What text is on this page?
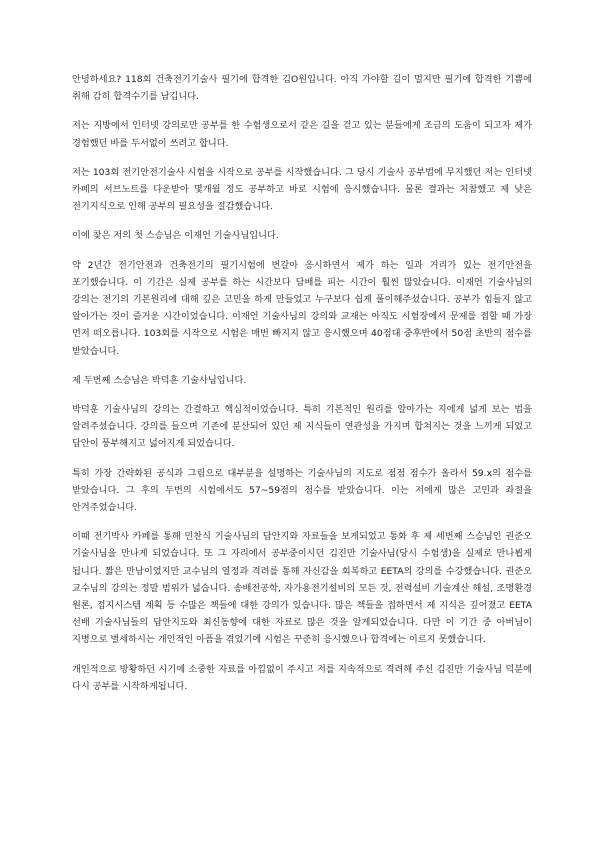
안녕하세요? 118회 건축전기기술사 필기에 합격한 김O원입니다. 아직 가야할 길이 멀지만 필기에 합격한 기쁨에 취해 감히 합격수기를 남깁니다.

저는 지방에서 인터넷 강의로만 공부를 한 수험생으로서 같은 길을 걷고 있는 분들에게 조금의 도움이 되고자 제가 경험했던 바를 두서없이 쓰려고 합니다.

저는 103회 전기안전기술사 시험을 시작으로 공부를 시작했습니다. 그 당시 기술사 공부법에 무지했던 저는 인터넷 카페의 서브노트를 다운받아 몇개월 정도 공부하고 바로 시험에 응시했습니다. 물론 결과는 처참했고 제 낮은 전기지식으로 인해 공부의 필요성을 절감했습니다.

이에 찾은 저의 첫 스승님은 이재언 기술사님입니다.

약 2년간 전기안전과 건축전기의 필기시험에 번갈아 응시하면서 제가 하는 일과 거리가 있는 전기안전을 포기했습니다. 이 기간은 실제 공부를 하는 시간보다 담배를 피는 시간이 훨씬 많았습니다. 이재언 기술사님의 강의는 전기의 기본원리에 대해 깊은 고민을 하게 만들었고 누구보다 쉽게 풀이해주셨습니다. 공부가 힘들지 않고 알아가는 것이 즐거운 시간이었습니다. 이재언 기술사님의 강의와 교재는 아직도 시험장에서 문제를 접할 때 가장 먼저 떠오릅니다. 103회를 시작으로 시험은 매번 빠지지 않고 응시했으며 40점대 중후반에서 50점 초반의 점수를 받았습니다.

제 두번째 스승님은 박덕훈 기술사님입니다.

박덕훈 기술사님의 강의는 간결하고 핵심적이었습니다. 특히 기본적인 원리를 알아가는 지에게 넓게 보는 법을 알려주셨습니다. 강의를 들으며 기존에 분산되어 있던 제 지식들이 연관성을 가지며 합쳐지는 것을 느끼게 되었고 답안이 풍부해지고 넓어지게 되었습니다.

특히 가장 간략화된 공식과 그림으로 대부분을 설명하는 기술사님의 지도로 점점 점수가 올라서 59.x의 점수를 받았습니다. 그 후의 두번의 시험에서도 57~59점의 점수를 받았습니다. 이는 저에게 많은 고민과 좌절을 안겨주었습니다.

이때 전기박사 카페를 통해 민찬식 기술사님의 답안지와 자료들을 보게되었고 통화 후 제 세번째 스승님인 권준오 기술사님을 만나게 되었습니다. 또 그 자리에서 공부중이시던 김진만 기술사님(당시 수험생)을 실제로 만나뵙게 됩니다. 짧은 만남이었지만 교수님의 열정과 격려를 통해 자신감을 회복하고 EETA의 강의를 수강했습니다. 권준오 교수님의 강의는 정말 범위가 넓습니다. 송배전공학, 자가용전기설비의 모든 것, 전력설비 기술계산 해설, 조명환경 원론, 접지시스템 계획 등 수많은 책들에 대한 강의가 있습니다. 많은 책들을 접하면서 제 지식은 깊어졌고 EETA 선배 기술사님들의 답안지도와 최신동향에 대한 자료로 많은 것을 알게되었습니다. 다만 이 기간 중 아버님이 지병으로 별세하시는 개인적인 아픔을 겪었기에 시험은 꾸준히 응시했으나 합격에는 이르지 못했습니다.

개인적으로 방황하던 시기에 소중한 자료를 아낌없이 주시고 저를 지속적으로 격려해 주신 김진만 기술사님 덕분에 다시 공부를 시작하게됩니다.
